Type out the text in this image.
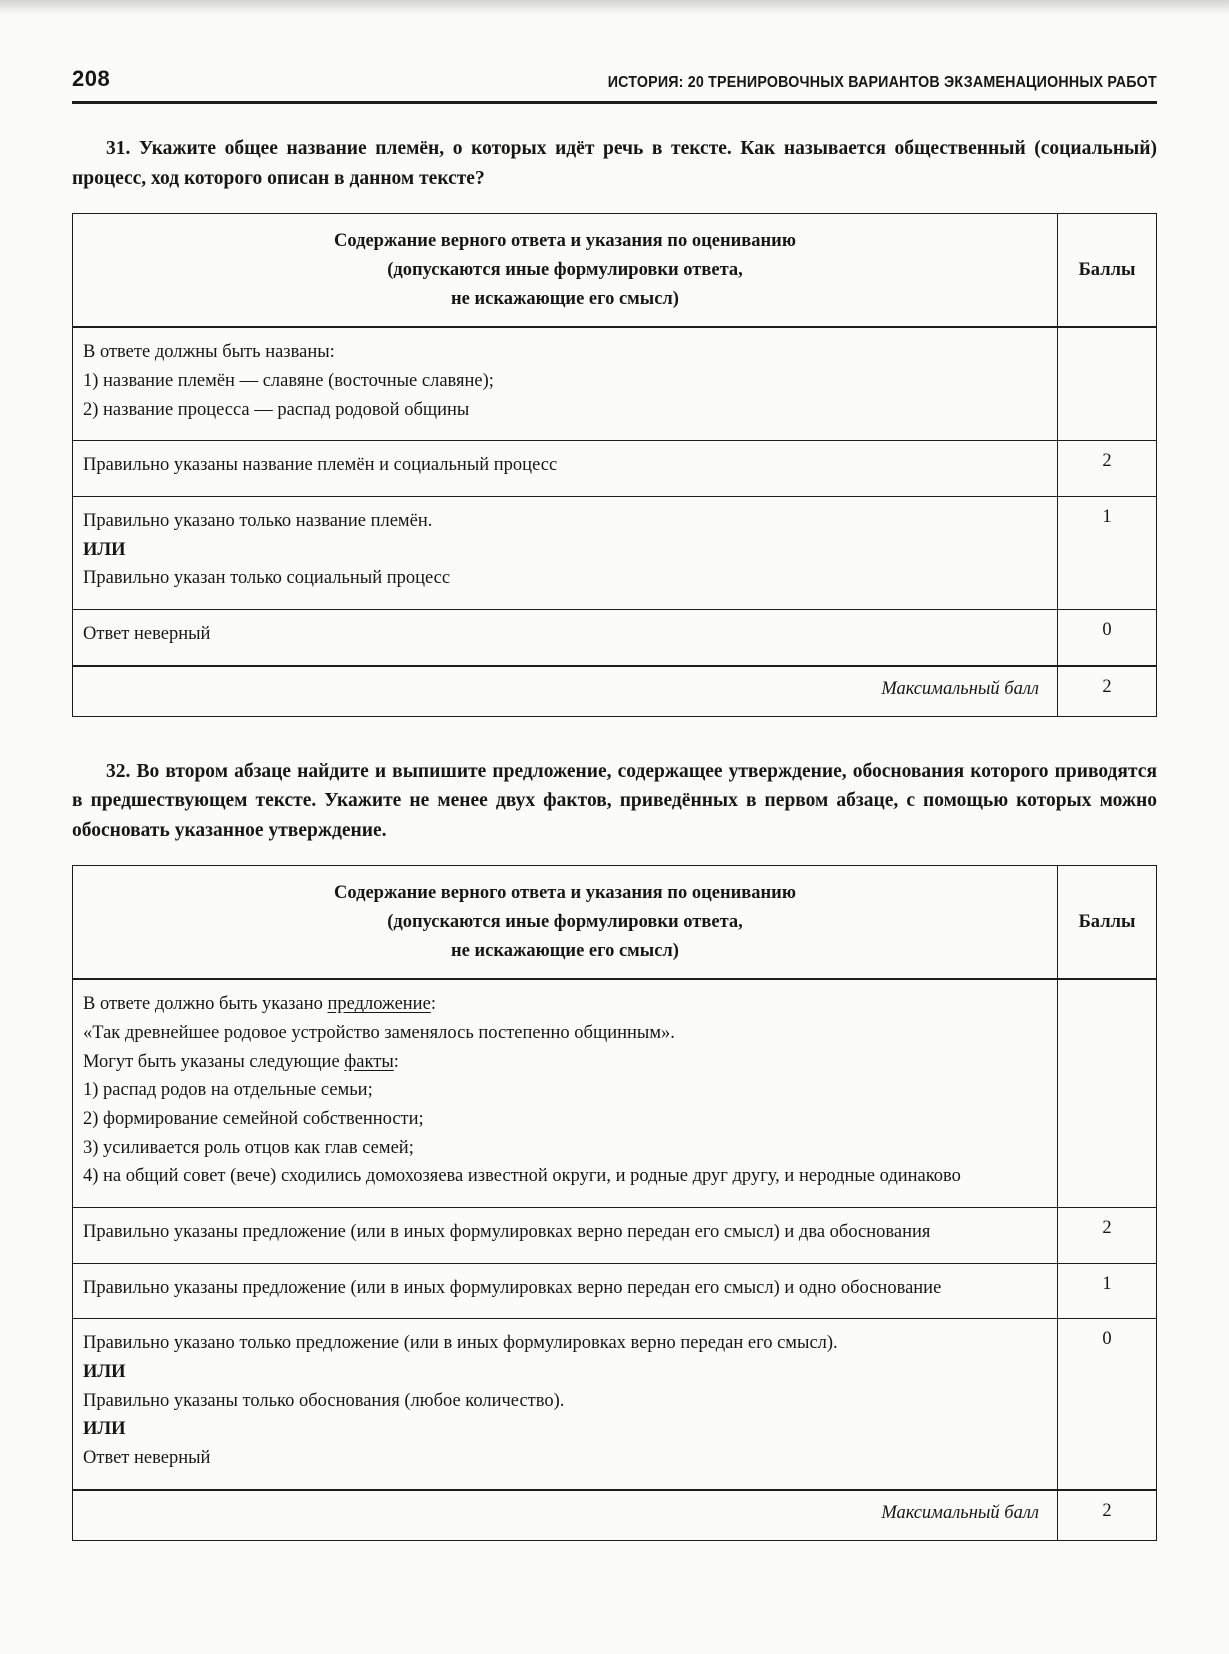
208	ИСТОРИЯ: 20 ТРЕНИРОВОЧНЫХ ВАРИАНТОВ ЭКЗАМЕНАЦИОННЫХ РАБОТ

31. Укажите общее название племён, о которых идёт речь в тексте. Как называется общественный (социальный) процесс, ход которого описан в данном тексте?

Содержание верного ответа и указания по оцениванию
(допускаются иные формулировки ответа,
не искажающие его смысл)	Баллы

В ответе должны быть названы:
1) название племён — славяне (восточные славяне);
2) название процесса — распад родовой общины	

Правильно указаны название племён и социальный процесс	2

Правильно указано только название племён.
ИЛИ
Правильно указан только социальный процесс	1

Ответ неверный	0
Максимальный балл	2

32. Во втором абзаце найдите и выпишите предложение, содержащее утверждение, обоснования которого приводятся в предшествующем тексте. Укажите не менее двух фактов, приведённых в первом абзаце, с помощью которых можно обосновать указанное утверждение.

Содержание верного ответа и указания по оцениванию
(допускаются иные формулировки ответа,
не искажающие его смысл)	Баллы

В ответе должно быть указано предложение:
«Так древнейшее родовое устройство заменялось постепенно общинным».
Могут быть указаны следующие факты:
1) распад родов на отдельные семьи;
2) формирование семейной собственности;
3) усиливается роль отцов как глав семей;
4) на общий совет (вече) сходились домохозяева известной округи, и родные друг другу, и неродные одинаково

Правильно указаны предложение (или в иных формулировках верно передан его смысл) и два обоснования	2

Правильно указаны предложение (или в иных формулировках верно передан его смысл) и одно обоснование	1

Правильно указано только предложение (или в иных формулировках верно передан его смысл).
ИЛИ
Правильно указаны только обоснования (любое количество).
ИЛИ
Ответ неверный	0
Максимальный балл	2
